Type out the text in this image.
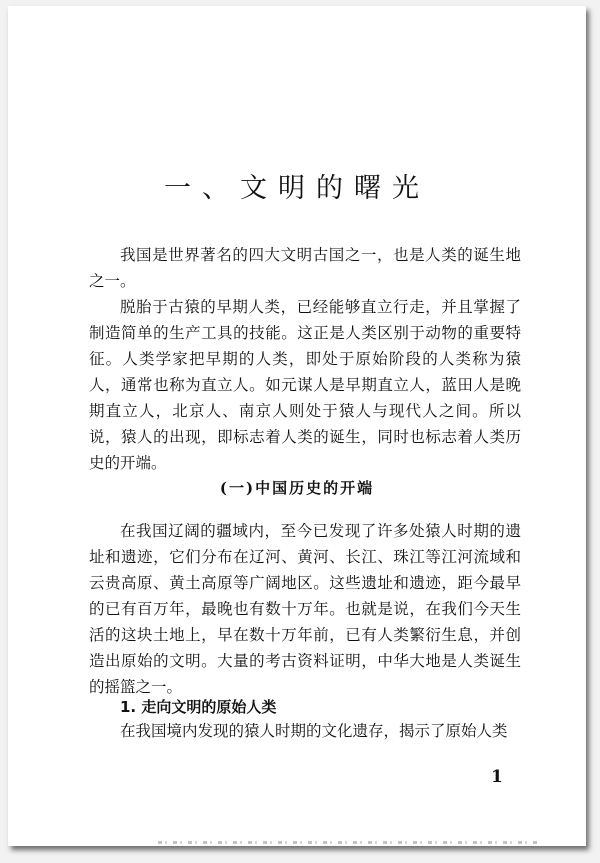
一、文明的曙光

我国是世界著名的四大文明古国之一，也是人类的诞生地之一。

脱胎于古猿的早期人类，已经能够直立行走，并且掌握了制造简单的生产工具的技能。这正是人类区别于动物的重要特征。人类学家把早期的人类，即处于原始阶段的人类称为猿人，通常也称为直立人。如元谋人是早期直立人，蓝田人是晚期直立人，北京人、南京人则处于猿人与现代人之间。所以说，猿人的出现，即标志着人类的诞生，同时也标志着人类历史的开端。

(一)中国历史的开端

在我国辽阔的疆域内，至今已发现了许多处猿人时期的遗址和遗迹，它们分布在辽河、黄河、长江、珠江等江河流域和云贵高原、黄土高原等广阔地区。这些遗址和遗迹，距今最早的已有百万年，最晚也有数十万年。也就是说，在我们今天生活的这块土地上，早在数十万年前，已有人类繁衍生息，并创造出原始的文明。大量的考古资料证明，中华大地是人类诞生的摇篮之一。

1. 走向文明的原始人类

在我国境内发现的猿人时期的文化遗存，揭示了原始人类

1
